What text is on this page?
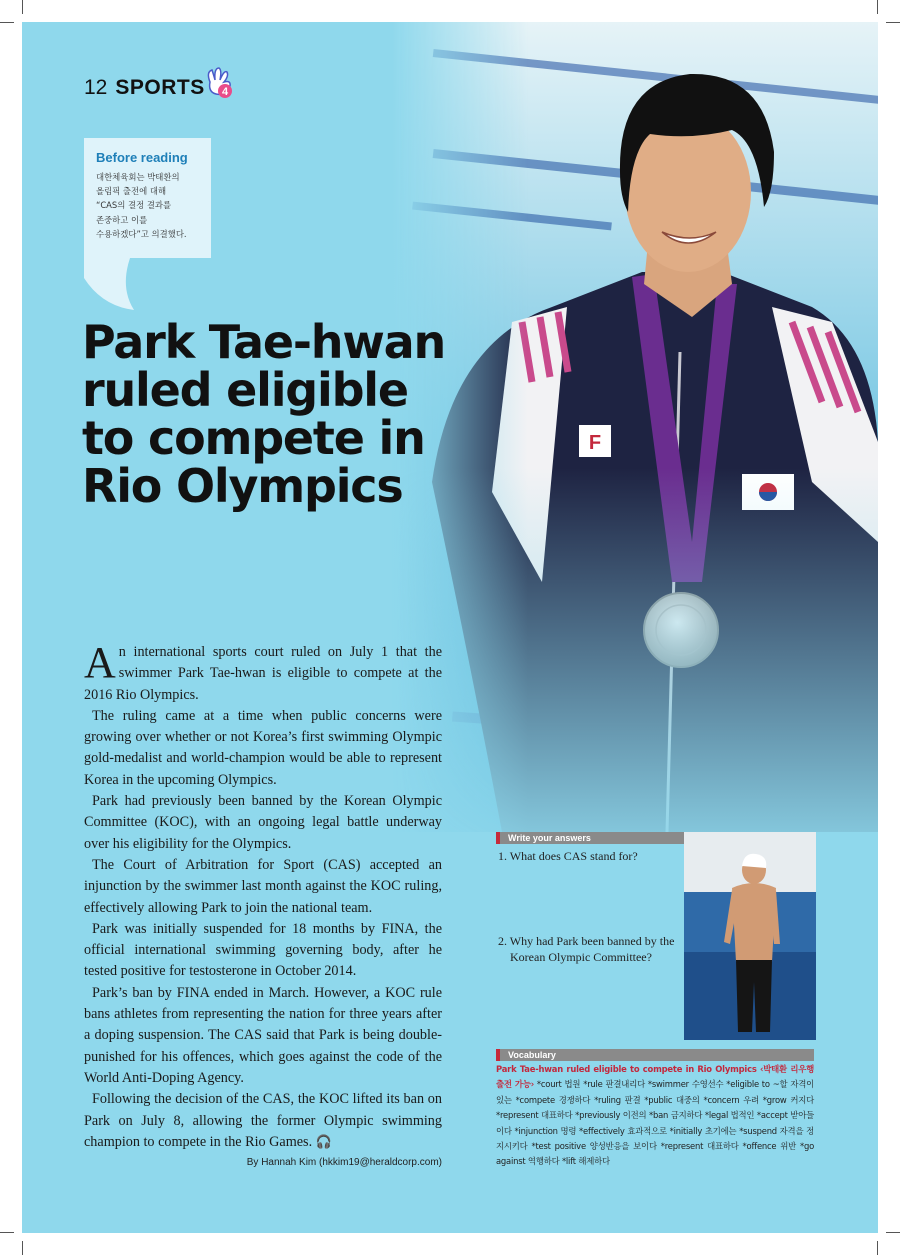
12 SPORTS 4
Before reading
대한체육회는 박태환의
올림픽 출전에 대해
“CAS의 결정 결과를
존중하고 이를
수용하겠다”고 의결했다.
Park Tae-hwan ruled eligible to compete in Rio Olympics

An international sports court ruled on July 1 that the swimmer Park Tae-hwan is eligible to compete at the 2016 Rio Olympics.

The ruling came at a time when public concerns were growing over whether or not Korea’s first swimming Olympic gold-medalist and world-champion would be able to represent Korea in the upcoming Olympics.

Park had previously been banned by the Korean Olympic Committee (KOC), with an ongoing legal battle underway over his eligibility for the Olympics.

The Court of Arbitration for Sport (CAS) accepted an injunction by the swimmer last month against the KOC ruling, effectively allowing Park to join the national team.

Park was initially suspended for 18 months by FINA, the official international swimming governing body, after he tested positive for testosterone in October 2014.

Park’s ban by FINA ended in March. However, a KOC rule bans athletes from representing the nation for three years after a doping suspension. The CAS said that Park is being double-punished for his offences, which goes against the code of the World Anti-Doping Agency.

Following the decision of the CAS, the KOC lifted its ban on Park on July 8, allowing the former Olympic swimming champion to compete in the Rio Games. 🎧

By Hannah Kim (hkkim19@heraldcorp.com)
Write your answers
1. What does CAS stand for?
2. Why had Park been banned by the Korean Olympic Committee?
Vocabulary
Park Tae-hwan ruled eligible to compete in Rio Olympics ‹박태환 리우행 출전 가능› *court 법원 *rule 판결내리다 *swimmer 수영선수 *eligible to ~할 자격이 있는 *compete 경쟁하다 *ruling 판결 *public 대중의 *concern 우려 *grow 커지다 *represent 대표하다 *previously 이전의 *ban 금지하다 *legal 법적인 *accept 받아들이다 *injunction 명령 *effectively 효과적으로 *initially 초기에는 *suspend 자격을 정지시키다 *test positive 양성반응을 보이다 *represent 대표하다 *offence 위반 *go against 역행하다 *lift 해제하다
